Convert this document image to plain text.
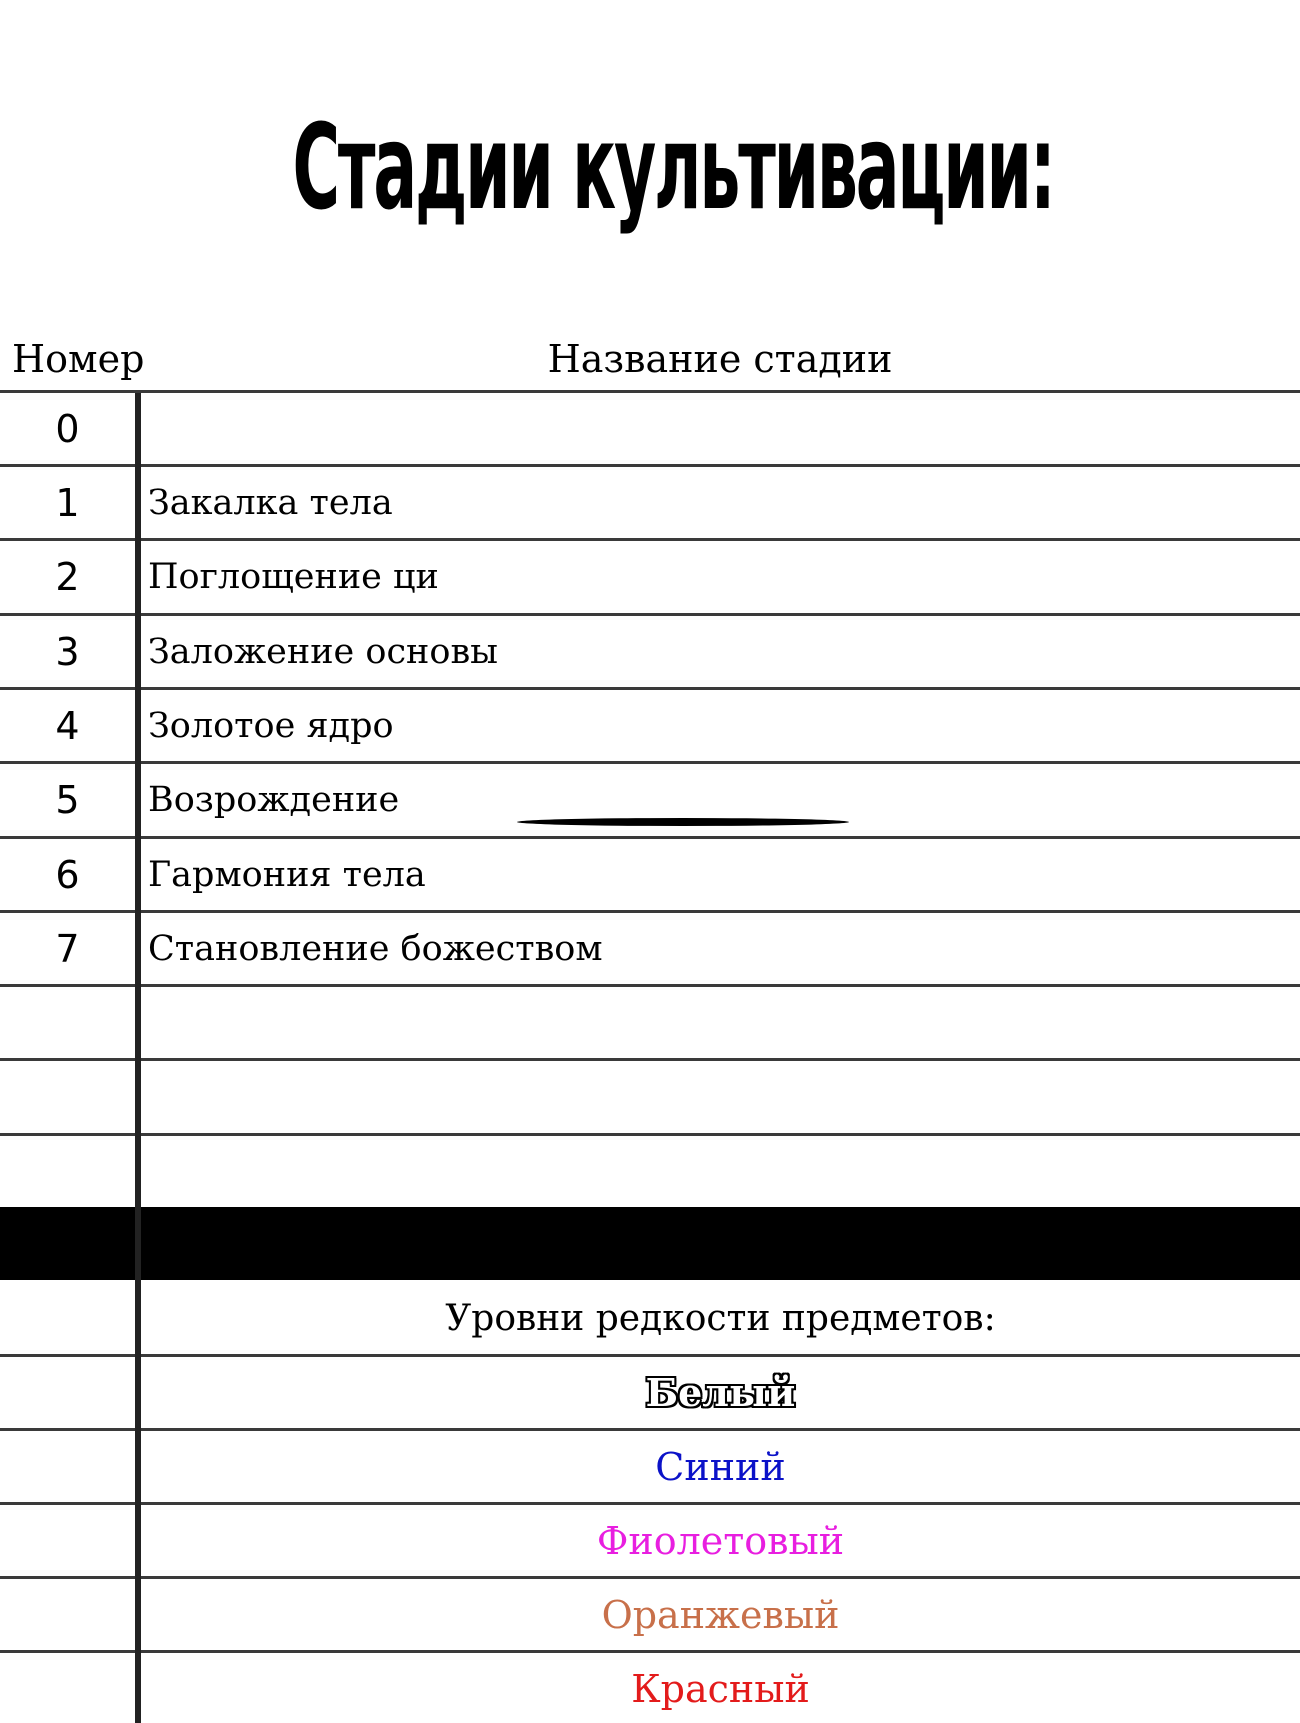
Стадии культивации:
Номер	Название стадии
0
1	Закалка тела
2	Поглощение ци
3	Заложение основы
4	Золотое ядро
5	Возрождение
6	Гармония тела
7	Становление божеством
Уровни редкости предметов:
Белый
Синий
Фиолетовый
Оранжевый
Красный
